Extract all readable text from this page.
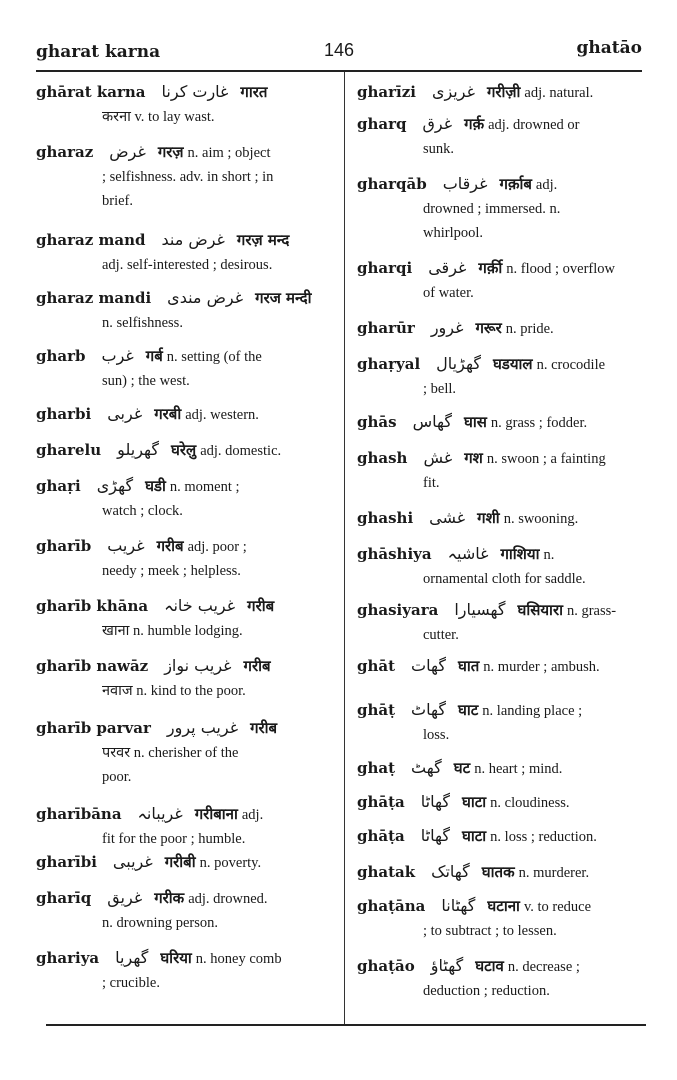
gharat karna	146	ghatāo
ghārat karna غارت کرنا गारत
करना v. to lay wast.
gharaz غرض गरज़ n. aim ; object
; selfishness. adv. in short ; in
brief.
gharaz mand غرض مند गरज़ मन्द
adj. self-interested ; desirous.
gharaz mandi غرض مندی गरज मन्दी
n. selfishness.
gharb غرب गर्ब n. setting (of the
sun) ; the west.
gharbi غربی गरबी adj. western.
gharelu گھریلو घरेलु adj. domestic.
ghaṛi گھڑی घडी n. moment ;
watch ; clock.
gharīb غریب गरीब adj. poor ;
needy ; meek ; helpless.
gharīb khāna غریب خانہ गरीब
खाना n. humble lodging.
gharīb nawāz غریب نواز गरीब
नवाज n. kind to the poor.
gharīb parvar غریب پرور गरीब
परवर n. cherisher of the
poor.
gharībāna غریبانہ गरीबाना adj.
fit for the poor ; humble.
gharībi غریبی गरीबी n. poverty.
gharīq غریق गरीक adj. drowned.
n. drowning person.
ghariya گھریا घरिया n. honey comb
; crucible.
gharīzi غریزی गरीज़ी adj. natural.
gharq غرق गर्क़ adj. drowned or
sunk.
gharqāb غرقاب गर्क़ाब adj.
drowned ; immersed. n.
whirlpool.
gharqi غرقی गर्क़ी n. flood ; overflow
of water.
gharūr غرور गरूर n. pride.
ghaṛyal گھڑیال घडयाल n. crocodile
; bell.
ghās گھاس घास n. grass ; fodder.
ghash غش गश n. swoon ; a fainting
fit.
ghashi غشی गशी n. swooning.
ghāshiya غاشیہ गाशिया n.
ornamental cloth for saddle.
ghasiyara گھسیارا घसियारा n. grass-
cutter.
ghāt گھات घात n. murder ; ambush.
ghāṭ گھاٹ घाट n. landing place ;
loss.
ghaṭ گھٹ घट n. heart ; mind.
ghāṭa گھاٹا घाटा n. cloudiness.
ghāṭa گھاٹا घाटा n. loss ; reduction.
ghatak گھاتک घातक n. murderer.
ghaṭāna گھٹانا घटाना v. to reduce
; to subtract ; to lessen.
ghaṭāo گھٹاؤ घटाव n. decrease ;
deduction ; reduction.
